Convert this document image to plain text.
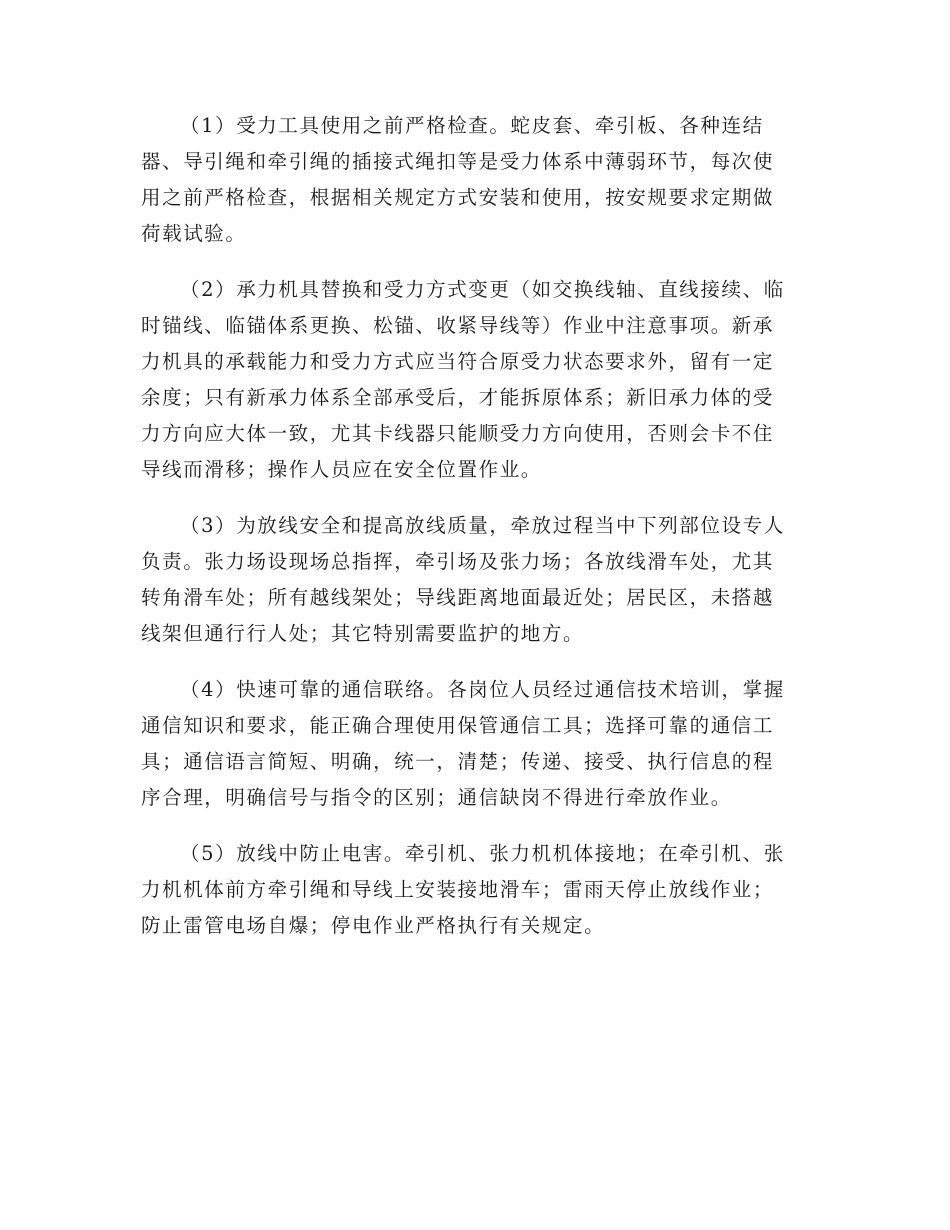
（1）受力工具使用之前严格检查。蛇皮套、牵引板、各种连结
器、导引绳和牵引绳的插接式绳扣等是受力体系中薄弱环节，每次使
用之前严格检查，根据相关规定方式安装和使用，按安规要求定期做
荷载试验。

（2）承力机具替换和受力方式变更（如交换线轴、直线接续、临
时锚线、临锚体系更换、松锚、收紧导线等）作业中注意事项。新承
力机具的承载能力和受力方式应当符合原受力状态要求外，留有一定
余度；只有新承力体系全部承受后，才能拆原体系；新旧承力体的受
力方向应大体一致，尤其卡线器只能顺受力方向使用，否则会卡不住
导线而滑移；操作人员应在安全位置作业。

（3）为放线安全和提高放线质量，牵放过程当中下列部位设专人
负责。张力场设现场总指挥，牵引场及张力场；各放线滑车处，尤其
转角滑车处；所有越线架处；导线距离地面最近处；居民区，未搭越
线架但通行行人处；其它特别需要监护的地方。

（4）快速可靠的通信联络。各岗位人员经过通信技术培训，掌握
通信知识和要求，能正确合理使用保管通信工具；选择可靠的通信工
具；通信语言简短、明确，统一，清楚；传递、接受、执行信息的程
序合理，明确信号与指令的区别；通信缺岗不得进行牵放作业。

（5）放线中防止电害。牵引机、张力机机体接地；在牵引机、张
力机机体前方牵引绳和导线上安装接地滑车；雷雨天停止放线作业；
防止雷管电场自爆；停电作业严格执行有关规定。
